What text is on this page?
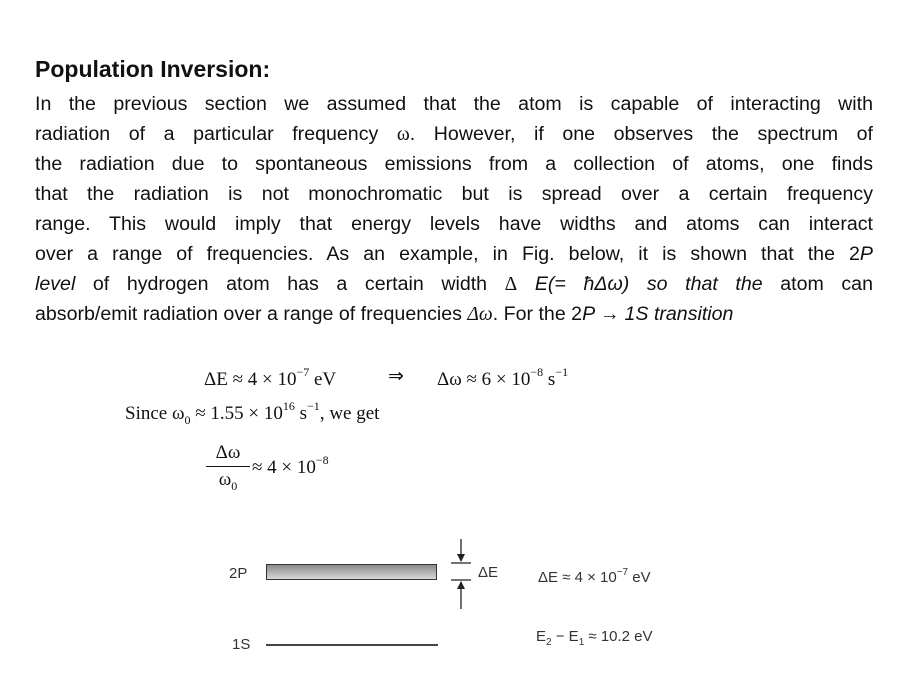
Population Inversion:
In the previous section we assumed that the atom is capable of interacting with
radiation of a particular frequency ω. However, if one observes the spectrum of
the radiation due to spontaneous emissions from a collection of atoms, one finds
that the radiation is not monochromatic but is spread over a certain frequency
range. This would imply that energy levels have widths and atoms can interact
over a range of frequencies. As an example, in Fig. below, it is shown that the 2P
level of hydrogen atom has a certain width Δ E(= ħΔω) so that the atom can
absorb/emit radiation over a range of frequencies Δω. For the 2P → 1S transition
$\Delta E \approx 4 \times 10^{-7}$ eV	⇒ $\Delta\omega \approx 6 \times 10^{-8}$ $s^{-1}$
Since $\omega_0 \approx 1.55 \times 10^{16}$ $s^{-1}$, we get
Δω
$\omega_0$
≈ $4 \times 10^{-8}$
2P	ΔE	$\Delta E \approx 4 \times 10^{-7}$ eV
1S	$E_2 - E_1 \approx 10.2$ eV
